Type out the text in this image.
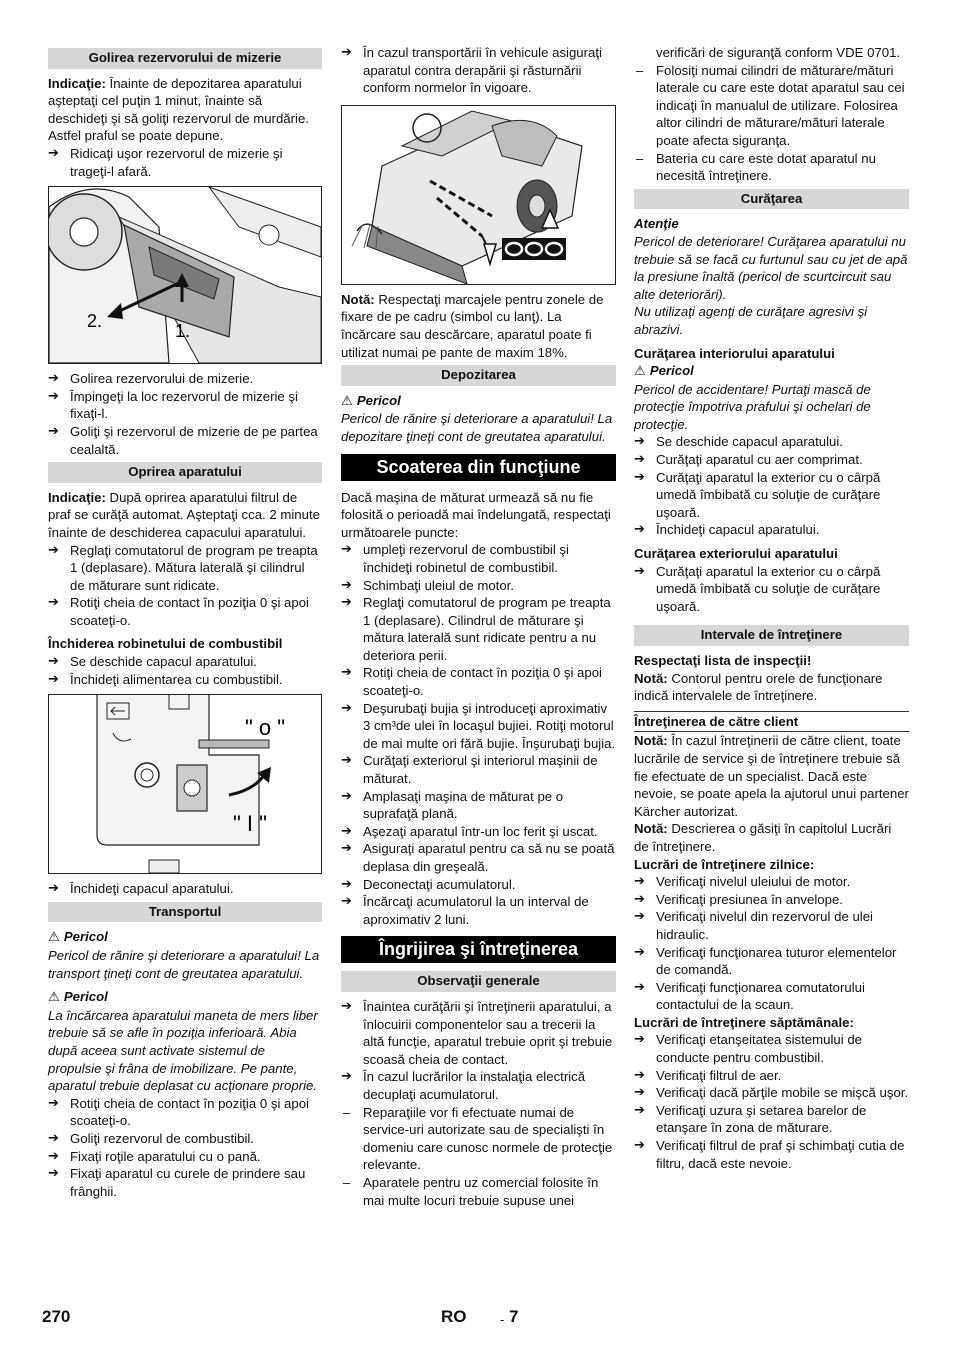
Golirea rezervorului de mizerie

Indicaţie: Înainte de depozitarea aparatului aşteptaţi cel puţin 1 minut, înainte să deschideţi şi să goliţi rezervorul de murdărie. Astfel praful se poate depune.

➔ Ridicaţi uşor rezervorul de mizerie şi trageţi-l afară.

2.	1.

➔ Golirea rezervorului de mizerie.

➔ Împingeţi la loc rezervorul de mizerie şi fixaţi-l.

➔ Goliţi şi rezervorul de mizerie de pe partea cealaltă.

Oprirea aparatului

Indicaţie: După oprirea aparatului filtrul de praf se curăţă automat. Aşteptaţi cca. 2 minute înainte de deschiderea capacului aparatului.

➔ Reglaţi comutatorul de program pe treapta 1 (deplasare). Mătura laterală şi cilindrul de măturare sunt ridicate.

➔ Rotiţi cheia de contact în poziţia 0 şi apoi scoateţi-o.

Închiderea robinetului de combustibil

➔ Se deschide capacul aparatului.

➔ Închideţi alimentarea cu combustibil.

" o "
" I "

➔ Închideţi capacul aparatului.

Transportul

⚠ Pericol

Pericol de rănire şi deteriorare a aparatului! La transport ţineţi cont de greutatea aparatului.

⚠ Pericol

La încărcarea aparatului maneta de mers liber trebuie să se afle în poziţia inferioară. Abia după aceea sunt activate sistemul de propulsie şi frâna de imobilizare. Pe pante, aparatul trebuie deplasat cu acţionare proprie.

➔ Rotiţi cheia de contact în poziţia 0 şi apoi scoateţi-o.

➔ Goliţi rezervorul de combustibil.

➔ Fixaţi roţile aparatului cu o pană.

➔ Fixaţi aparatul cu curele de prindere sau frânghii.

➔ În cazul transportării în vehicule asiguraţi aparatul contra derapării şi răsturnării conform normelor în vigoare.

Notă: Respectaţi marcajele pentru zonele de fixare de pe cadru (simbol cu lanţ). La încărcare sau descărcare, aparatul poate fi utilizat numai pe pante de maxim 18%.

Depozitarea

⚠ Pericol

Pericol de rănire şi deteriorare a aparatului! La depozitare ţineţi cont de greutatea aparatului.

Scoaterea din funcţiune

Dacă maşina de măturat urmează să nu fie folosită o perioadă mai îndelungată, respectaţi următoarele puncte:

➔ umpleţi rezervorul de combustibil şi închideţi robinetul de combustibil.

➔ Schimbaţi uleiul de motor.

➔ Reglaţi comutatorul de program pe treapta 1 (deplasare). Cilindrul de măturare şi mătura laterală sunt ridicate pentru a nu deteriora perii.

➔ Rotiţi cheia de contact în poziţia 0 şi apoi scoateţi-o.

➔ Deşurubaţi bujia şi introduceţi aproximativ 3 cm³de ulei în locaşul bujiei. Rotiţi motorul de mai multe ori fără bujie. Înşurubaţi bujia.

➔ Curăţaţi exteriorul şi interiorul maşinii de măturat.

➔ Amplasaţi maşina de măturat pe o suprafaţă plană.

➔ Aşezaţi aparatul într-un loc ferit şi uscat.

➔ Asiguraţi aparatul pentru ca să nu se poată deplasa din greşeală.

➔ Deconectaţi acumulatorul.

➔ Încărcaţi acumulatorul la un interval de aproximativ 2 luni.

Îngrijirea şi întreţinerea
Observaţii generale

➔ Înaintea curăţării şi întreţinerii aparatului, a înlocuirii componentelor sau a trecerii la altă funcţie, aparatul trebuie oprit şi trebuie scoasă cheia de contact.

➔ În cazul lucrărilor la instalaţia electrică decuplaţi acumulatorul.

– Reparaţiile vor fi efectuate numai de service-uri autorizate sau de specialişti în domeniu care cunosc normele de protecţie relevante.

– Aparatele pentru uz comercial folosite în mai multe locuri trebuie supuse unei

verificări de siguranţă conform VDE 0701.

– Folosiţi numai cilindri de măturare/mături laterale cu care este dotat aparatul sau cei indicaţi în manualul de utilizare. Folosirea altor cilindri de măturare/mături laterale poate afecta siguranţa.

– Bateria cu care este dotat aparatul nu necesită întreţinere.

Curăţarea

Atenţie

Pericol de deteriorare! Curăţarea aparatului nu trebuie să se facă cu furtunul sau cu jet de apă la presiune înaltă (pericol de scurtcircuit sau alte deteriorări).

Nu utilizaţi agenţi de curăţare agresivi şi abrazivi.

Curăţarea interiorului aparatului

⚠ Pericol

Pericol de accidentare! Purtaţi mască de protecţie împotriva prafului şi ochelari de protecţie.

➔ Se deschide capacul aparatului.

➔ Curăţaţi aparatul cu aer comprimat.

➔ Curăţaţi aparatul la exterior cu o cârpă umedă îmbibată cu soluţie de curăţare uşoară.

➔ Închideţi capacul aparatului.

Curăţarea exteriorului aparatului

➔ Curăţaţi aparatul la exterior cu o cârpă umedă îmbibată cu soluţie de curăţare uşoară.

Intervale de întreţinere

Respectaţi lista de inspecţii!

Notă: Contorul pentru orele de funcţionare indică intervalele de întreţinere.

Întreţinerea de către client

Notă: În cazul întreţinerii de către client, toate lucrările de service şi de întreţinere trebuie să fie efectuate de un specialist. Dacă este nevoie, se poate apela la ajutorul unui partener Kärcher autorizat.

Notă: Descrierea o găsiţi în capitolul Lucrări de întreţinere.

Lucrări de întreţinere zilnice:

➔ Verificaţi nivelul uleiului de motor.

➔ Verificaţi presiunea în anvelope.

➔ Verificaţi nivelul din rezervorul de ulei hidraulic.

➔ Verificaţi funcţionarea tuturor elementelor de comandă.

➔ Verificaţi funcţionarea comutatorului contactului de la scaun.

Lucrări de întreţinere săptămânale:

➔ Verificaţi etanşeitatea sistemului de conducte pentru combustibil.

➔ Verificaţi filtrul de aer.

➔ Verificaţi dacă părţile mobile se mişcă uşor.

➔ Verificaţi uzura şi setarea barelor de etanşare în zona de măturare.

➔ Verificaţi filtrul de praf şi schimbaţi cutia de filtru, dacă este nevoie.

270	RO	- 7
